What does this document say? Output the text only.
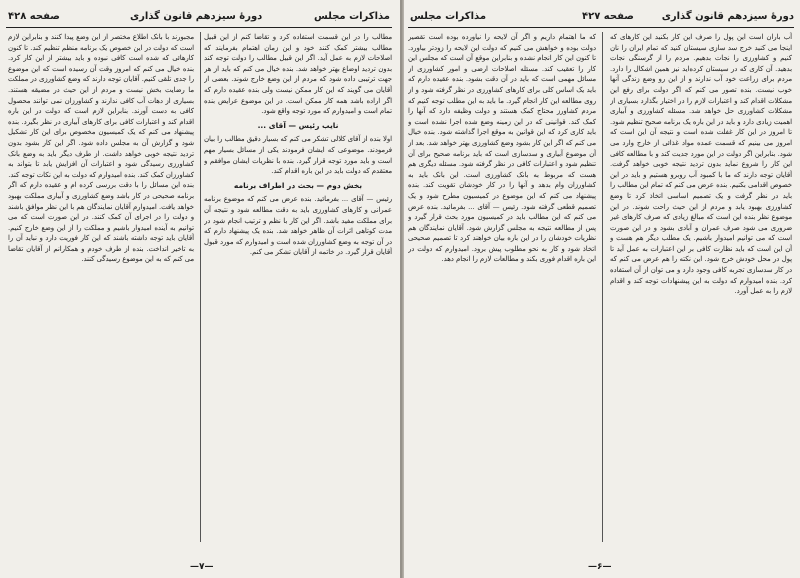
دورهٔ سیزدهم قانون گذاری
صفحه ۴۲۷
مذاکرات مجلس

آب باران است این پول را صرف این کار بکنید این کارهای که اینجا می کنید خرج سد سازی سیستان کنید که تمام ایران را نان کنیم و کشاورزی را نجات بدهیم. مردم را از گرسنگی نجات بدهید. آن کاری که در سیستان کرده‌اید نیز همین اشکال را دارد. مردم برای زراعت خود آب ندارند و از این رو وضع زندگی آنها خوب نیست. بنده تصور می کنم که اگر دولت برای رفع این مشکلات اقدام کند و اعتبارات لازم را در اختیار بگذارد بسیاری از مشکلات کشاورزی حل خواهد شد. مسئله کشاورزی و آبیاری اهمیت زیادی دارد و باید در این باره یک برنامه صحیح تنظیم شود. تا امروز در این کار غفلت شده است و نتیجه آن این است که امروز می بینیم که قسمت عمده مواد غذائی از خارج وارد می شود. بنابراین اگر دولت در این مورد جدیت کند و با مطالعه کافی این کار را شروع نماید بدون تردید نتیجه خوبی خواهد گرفت. آقایان توجه دارند که ما با کمبود آب روبرو هستیم و باید در این خصوص اقدامی بکنیم. بنده عرض می کنم که تمام این مطالب را باید در نظر گرفت و یک تصمیم اساسی اتخاذ کرد تا وضع کشاورزی بهبود یابد و مردم از این حیث راحت شوند. در این موضوع نظر بنده این است که مبالغ زیادی که صرف کارهای غیر ضروری می شود صرف عمران و آبادی بشود و در این صورت است که می توانیم امیدوار باشیم. یک مطلب دیگر هم هست و آن این است که باید نظارت کافی بر این اعتبارات به عمل آید تا پول در محل خودش خرج شود. این نکته را هم عرض می کنم که در کار سدسازی تجربه کافی وجود دارد و می توان از آن استفاده کرد. بنده امیدوارم که دولت به این پیشنهادات توجه کند و اقدام لازم را به عمل آورد.

که ما اهتمام داریم و اگر آن لایحه را نیاورده بوده است تقصیر دولت بوده و خواهش می کنیم که دولت این لایحه را زودتر بیاورد. تا کنون این کار انجام نشده و بنابراین موقع آن است که مجلس این کار را تعقیب کند. مسئله اصلاحات ارضی و امور کشاورزی از مسائل مهمی است که باید در آن دقت بشود. بنده عقیده دارم که باید یک اساس کلی برای کارهای کشاورزی در نظر گرفته شود و از روی مطالعه این کار انجام گیرد. ما باید به این مطلب توجه کنیم که مردم کشاورز محتاج کمک هستند و دولت وظیفه دارد که آنها را کمک کند. قوانینی که در این زمینه وضع شده اجرا نشده است و باید کاری کرد که این قوانین به موقع اجرا گذاشته شود. بنده خیال می کنم که اگر این کار بشود وضع کشاورزی بهتر خواهد شد. بعد از آن موضوع آبیاری و سدسازی است که باید برنامه صحیح برای آن تنظیم شود و اعتبارات کافی در نظر گرفته شود. مسئله دیگری هم هست که مربوط به بانک کشاورزی است. این بانک باید به کشاورزان وام بدهد و آنها را در کار خودشان تقویت کند. بنده پیشنهاد می کنم که این موضوع در کمیسیون مطرح شود و یک تصمیم قطعی گرفته شود. رئیس — آقای ... بفرمائید. بنده عرض می کنم که این مطالب باید در کمیسیون مورد بحث قرار گیرد و پس از مطالعه نتیجه به مجلس گزارش شود. آقایان نمایندگان هم نظریات خودشان را در این باره بیان خواهند کرد تا تصمیم صحیحی اتخاذ شود و کار به نحو مطلوب پیش برود. امیدوارم که دولت در این باره اقدام فوری بکند و مطالعات لازم را انجام دهد.

—۶—
صفحه ۴۲۸	دورهٔ سیزدهم قانون گذاری	مذاکرات مجلس

مطالب را در این قسمت استفاده کرد و تقاضا کنم از این قبیل مطالب بیشتر کمک کنند خود و این زمان اهتمام بفرمایند که اصلاحات لازم به عمل آید. اگر این قبیل مطالب را دولت توجه کند بدون تردید اوضاع بهتر خواهد شد. بنده خیال می کنم که باید از هر جهت ترتیبی داده شود که مردم از این وضع خارج شوند. بعضی از آقایان می گویند که این کار ممکن نیست ولی بنده عقیده دارم که اگر اراده باشد همه کار ممکن است. در این موضوع عرایض بنده تمام است و امیدوارم که مورد توجه واقع شود.

نایب رئیس — آقای ...

اولا بنده از آقای کلالی تشکر می کنم که بسیار دقیق مطالب را بیان فرمودند. موضوعی که ایشان فرمودند یکی از مسائل بسیار مهم است و باید مورد توجه قرار گیرد. بنده با نظریات ایشان موافقم و معتقدم که دولت باید در این باره اقدام کند.

بخش دوم — بحث در اطراف برنامه

رئیس — آقای ... بفرمائید. بنده عرض می کنم که موضوع برنامه عمرانی و کارهای کشاورزی باید به دقت مطالعه شود و نتیجه آن برای مملکت مفید باشد. اگر این کار با نظم و ترتیب انجام شود در مدت کوتاهی اثرات آن ظاهر خواهد شد. بنده یک پیشنهاد دارم که در آن توجه به وضع کشاورزان شده است و امیدوارم که مورد قبول آقایان قرار گیرد. در خاتمه از آقایان تشکر می کنم.

مجبورند با بانک اطلاع مختصر از این وضع پیدا کنند و بنابراین لازم است که دولت در این خصوص یک برنامه منظم تنظیم کند. تا کنون کارهائی که شده است کافی نبوده و باید بیشتر از این کار کرد. بنده خیال می کنم که امروز وقت آن رسیده است که این موضوع را جدی تلقی کنیم. آقایان توجه دارند که وضع کشاورزی در مملکت ما رضایت بخش نیست و مردم از این حیث در مضیقه هستند. بسیاری از دهات آب کافی ندارند و کشاورزان نمی توانند محصول کافی به دست آورند. بنابراین لازم است که دولت در این باره اقدام کند و اعتبارات کافی برای کارهای آبیاری در نظر بگیرد. بنده پیشنهاد می کنم که یک کمیسیون مخصوص برای این کار تشکیل شود و گزارش آن به مجلس داده شود. اگر این کار بشود بدون تردید نتیجه خوبی خواهد داشت. از طرف دیگر باید به وضع بانک کشاورزی رسیدگی شود و اعتبارات آن افزایش یابد تا بتواند به کشاورزان کمک کند. بنده امیدوارم که دولت به این نکات توجه کند.

بنده این مسائل را با دقت بررسی کرده ام و عقیده دارم که اگر برنامه صحیحی در کار باشد وضع کشاورزی و آبیاری مملکت بهبود خواهد یافت. امیدوارم آقایان نمایندگان هم با این نظر موافق باشند و دولت را در اجرای آن کمک کنند. در این صورت است که می توانیم به آینده امیدوار باشیم و مملکت را از این وضع خارج کنیم. آقایان باید توجه داشته باشند که این کار فوریت دارد و نباید آن را به تاخیر انداخت. بنده از طرف خودم و همکارانم از آقایان تقاضا می کنم که به این موضوع رسیدگی کنند.

—۷—
